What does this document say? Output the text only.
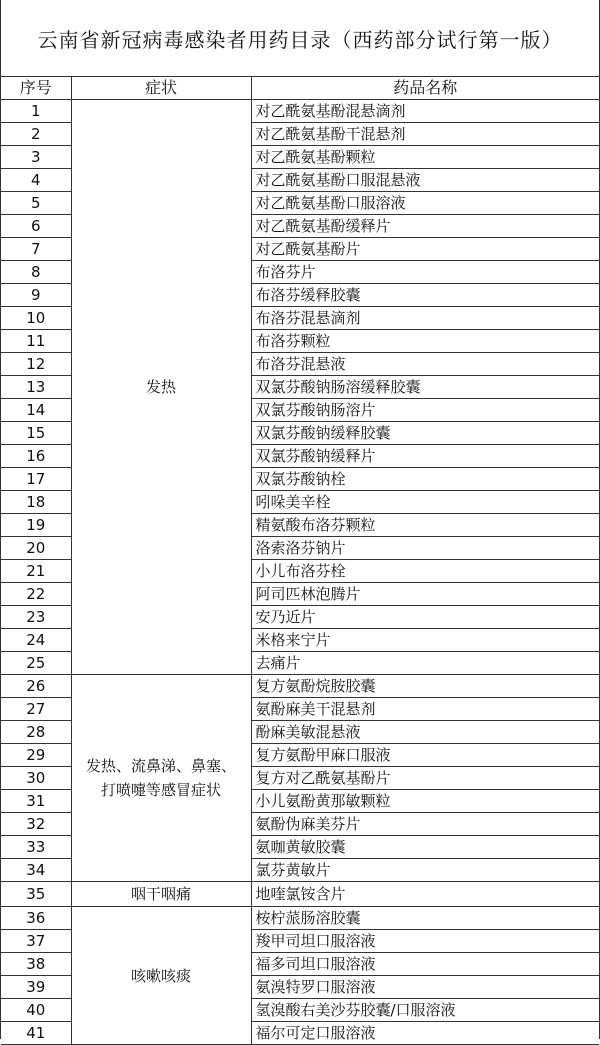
云南省新冠病毒感染者用药目录（西药部分试行第一版）
序号	症状	药品名称
1	发热	对乙酰氨基酚混悬滴剂
2		对乙酰氨基酚干混悬剂
3		对乙酰氨基酚颗粒
4		对乙酰氨基酚口服混悬液
5		对乙酰氨基酚口服溶液
6		对乙酰氨基酚缓释片
7		对乙酰氨基酚片
8		布洛芬片
9		布洛芬缓释胶囊
10		布洛芬混悬滴剂
11		布洛芬颗粒
12		布洛芬混悬液
13		双氯芬酸钠肠溶缓释胶囊
14		双氯芬酸钠肠溶片
15		双氯芬酸钠缓释胶囊
16		双氯芬酸钠缓释片
17		双氯芬酸钠栓
18		吲哚美辛栓
19		精氨酸布洛芬颗粒
20		洛索洛芬钠片
21		小儿布洛芬栓
22		阿司匹林泡腾片
23		安乃近片
24		米格来宁片
25		去痛片
26	发热、流鼻涕、鼻塞、打喷嚏等感冒症状	复方氨酚烷胺胶囊
27		氨酚麻美干混悬剂
28		酚麻美敏混悬液
29		复方氨酚甲麻口服液
30		复方对乙酰氨基酚片
31		小儿氨酚黄那敏颗粒
32		氨酚伪麻美芬片
33		氨咖黄敏胶囊
34		氯芬黄敏片
35	咽干咽痛	地喹氯铵含片
36	咳嗽咳痰	桉柠蒎肠溶胶囊
37		羧甲司坦口服溶液
38		福多司坦口服溶液
39		氨溴特罗口服溶液
40		氢溴酸右美沙芬胶囊/口服溶液
41		福尔可定口服溶液
